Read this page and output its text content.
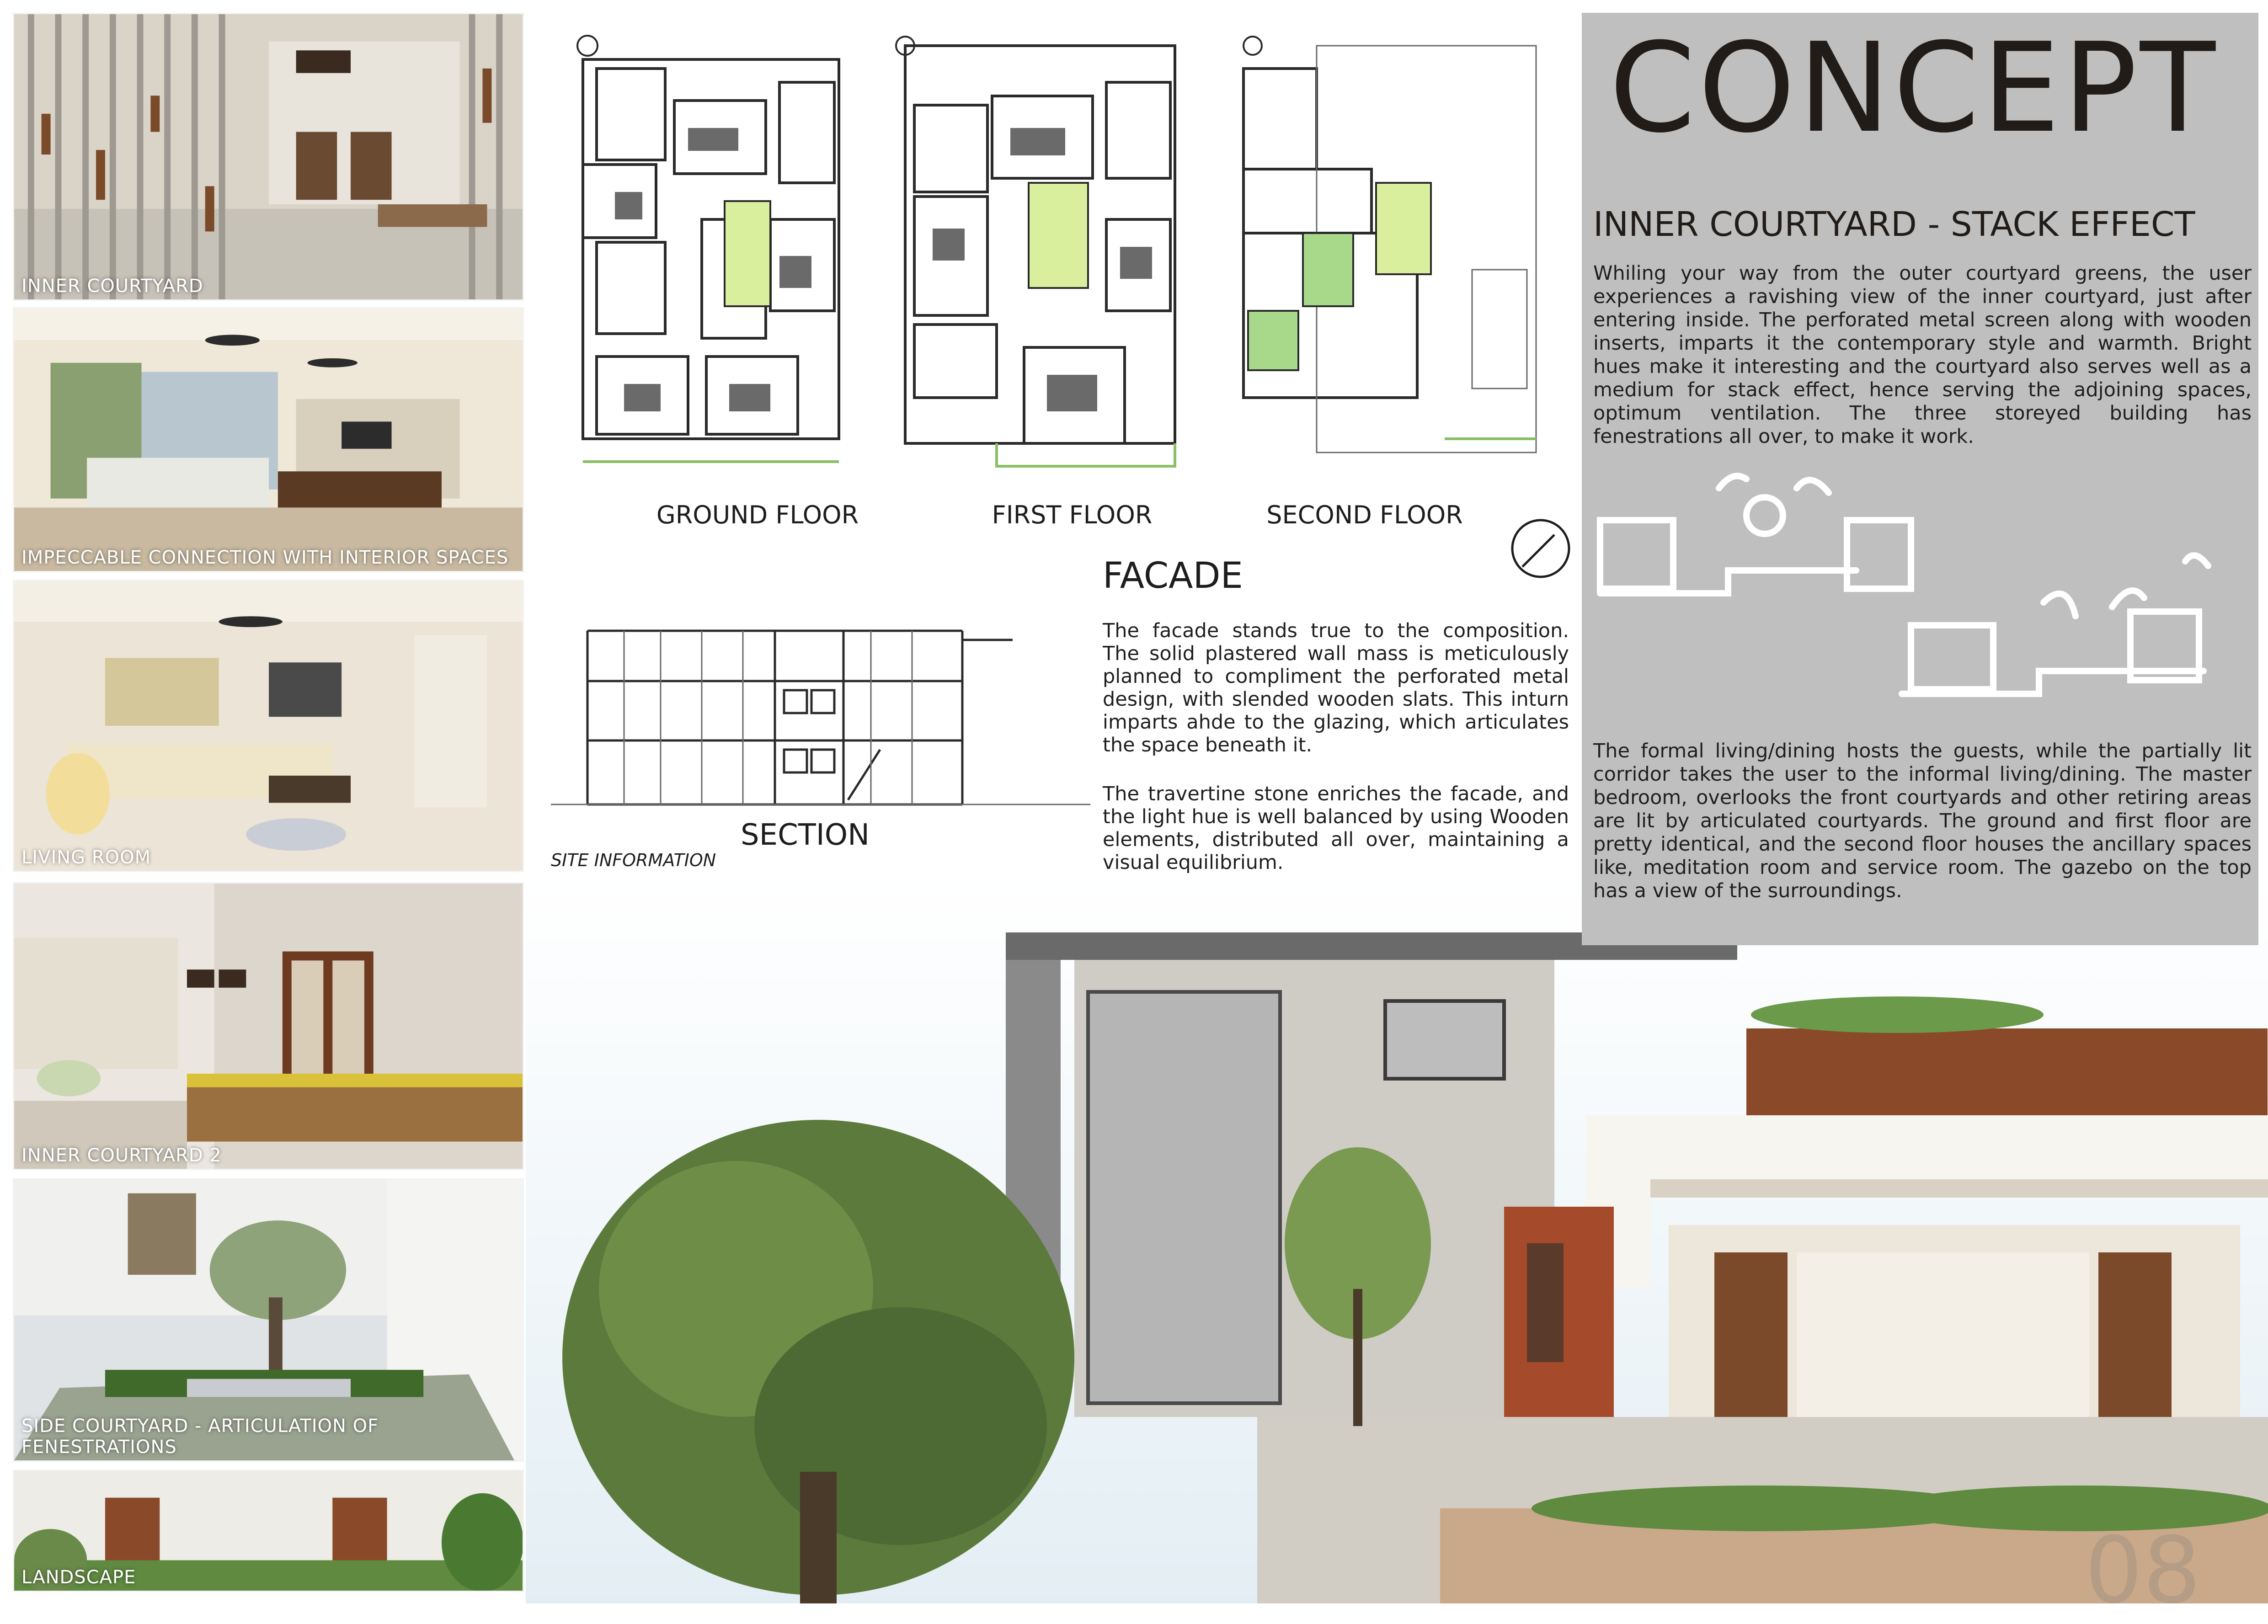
INNER COURTYARD
IMPECCABLE CONNECTION WITH INTERIOR SPACES
LIVING ROOM
INNER COURTYARD 2
SIDE COURTYARD - ARTICULATION OF FENESTRATIONS
LANDSCAPE
GROUND FLOOR	FIRST FLOOR	SECOND FLOOR
SECTION
SITE INFORMATION
FACADE
The facade stands true to the composition. The solid plastered wall mass is meticulously planned to compliment the perforated metal design, with slended wooden slats. This inturn imparts ahde to the glazing, which articulates the space beneath it.
The travertine stone enriches the facade, and the light hue is well balanced by using Wooden elements, distributed all over, maintaining a visual equilibrium.
CONCEPT
INNER COURTYARD - STACK EFFECT
Whiling your way from the outer courtyard greens, the user experiences a ravishing view of the inner courtyard, just after entering inside. The perforated metal screen along with wooden inserts, imparts it the contemporary style and warmth. Bright hues make it interesting and the courtyard also serves well as a medium for stack effect, hence serving the adjoining spaces, optimum ventilation. The three storeyed building has fenestrations all over, to make it work.
The formal living/dining hosts the guests, while the partially lit corridor takes the user to the informal living/dining. The master bedroom, overlooks the front courtyards and other retiring areas are lit by articulated courtyards. The ground and first floor are pretty identical, and the second floor houses the ancillary spaces like, meditation room and service room. The gazebo on the top has a view of the surroundings.
08
